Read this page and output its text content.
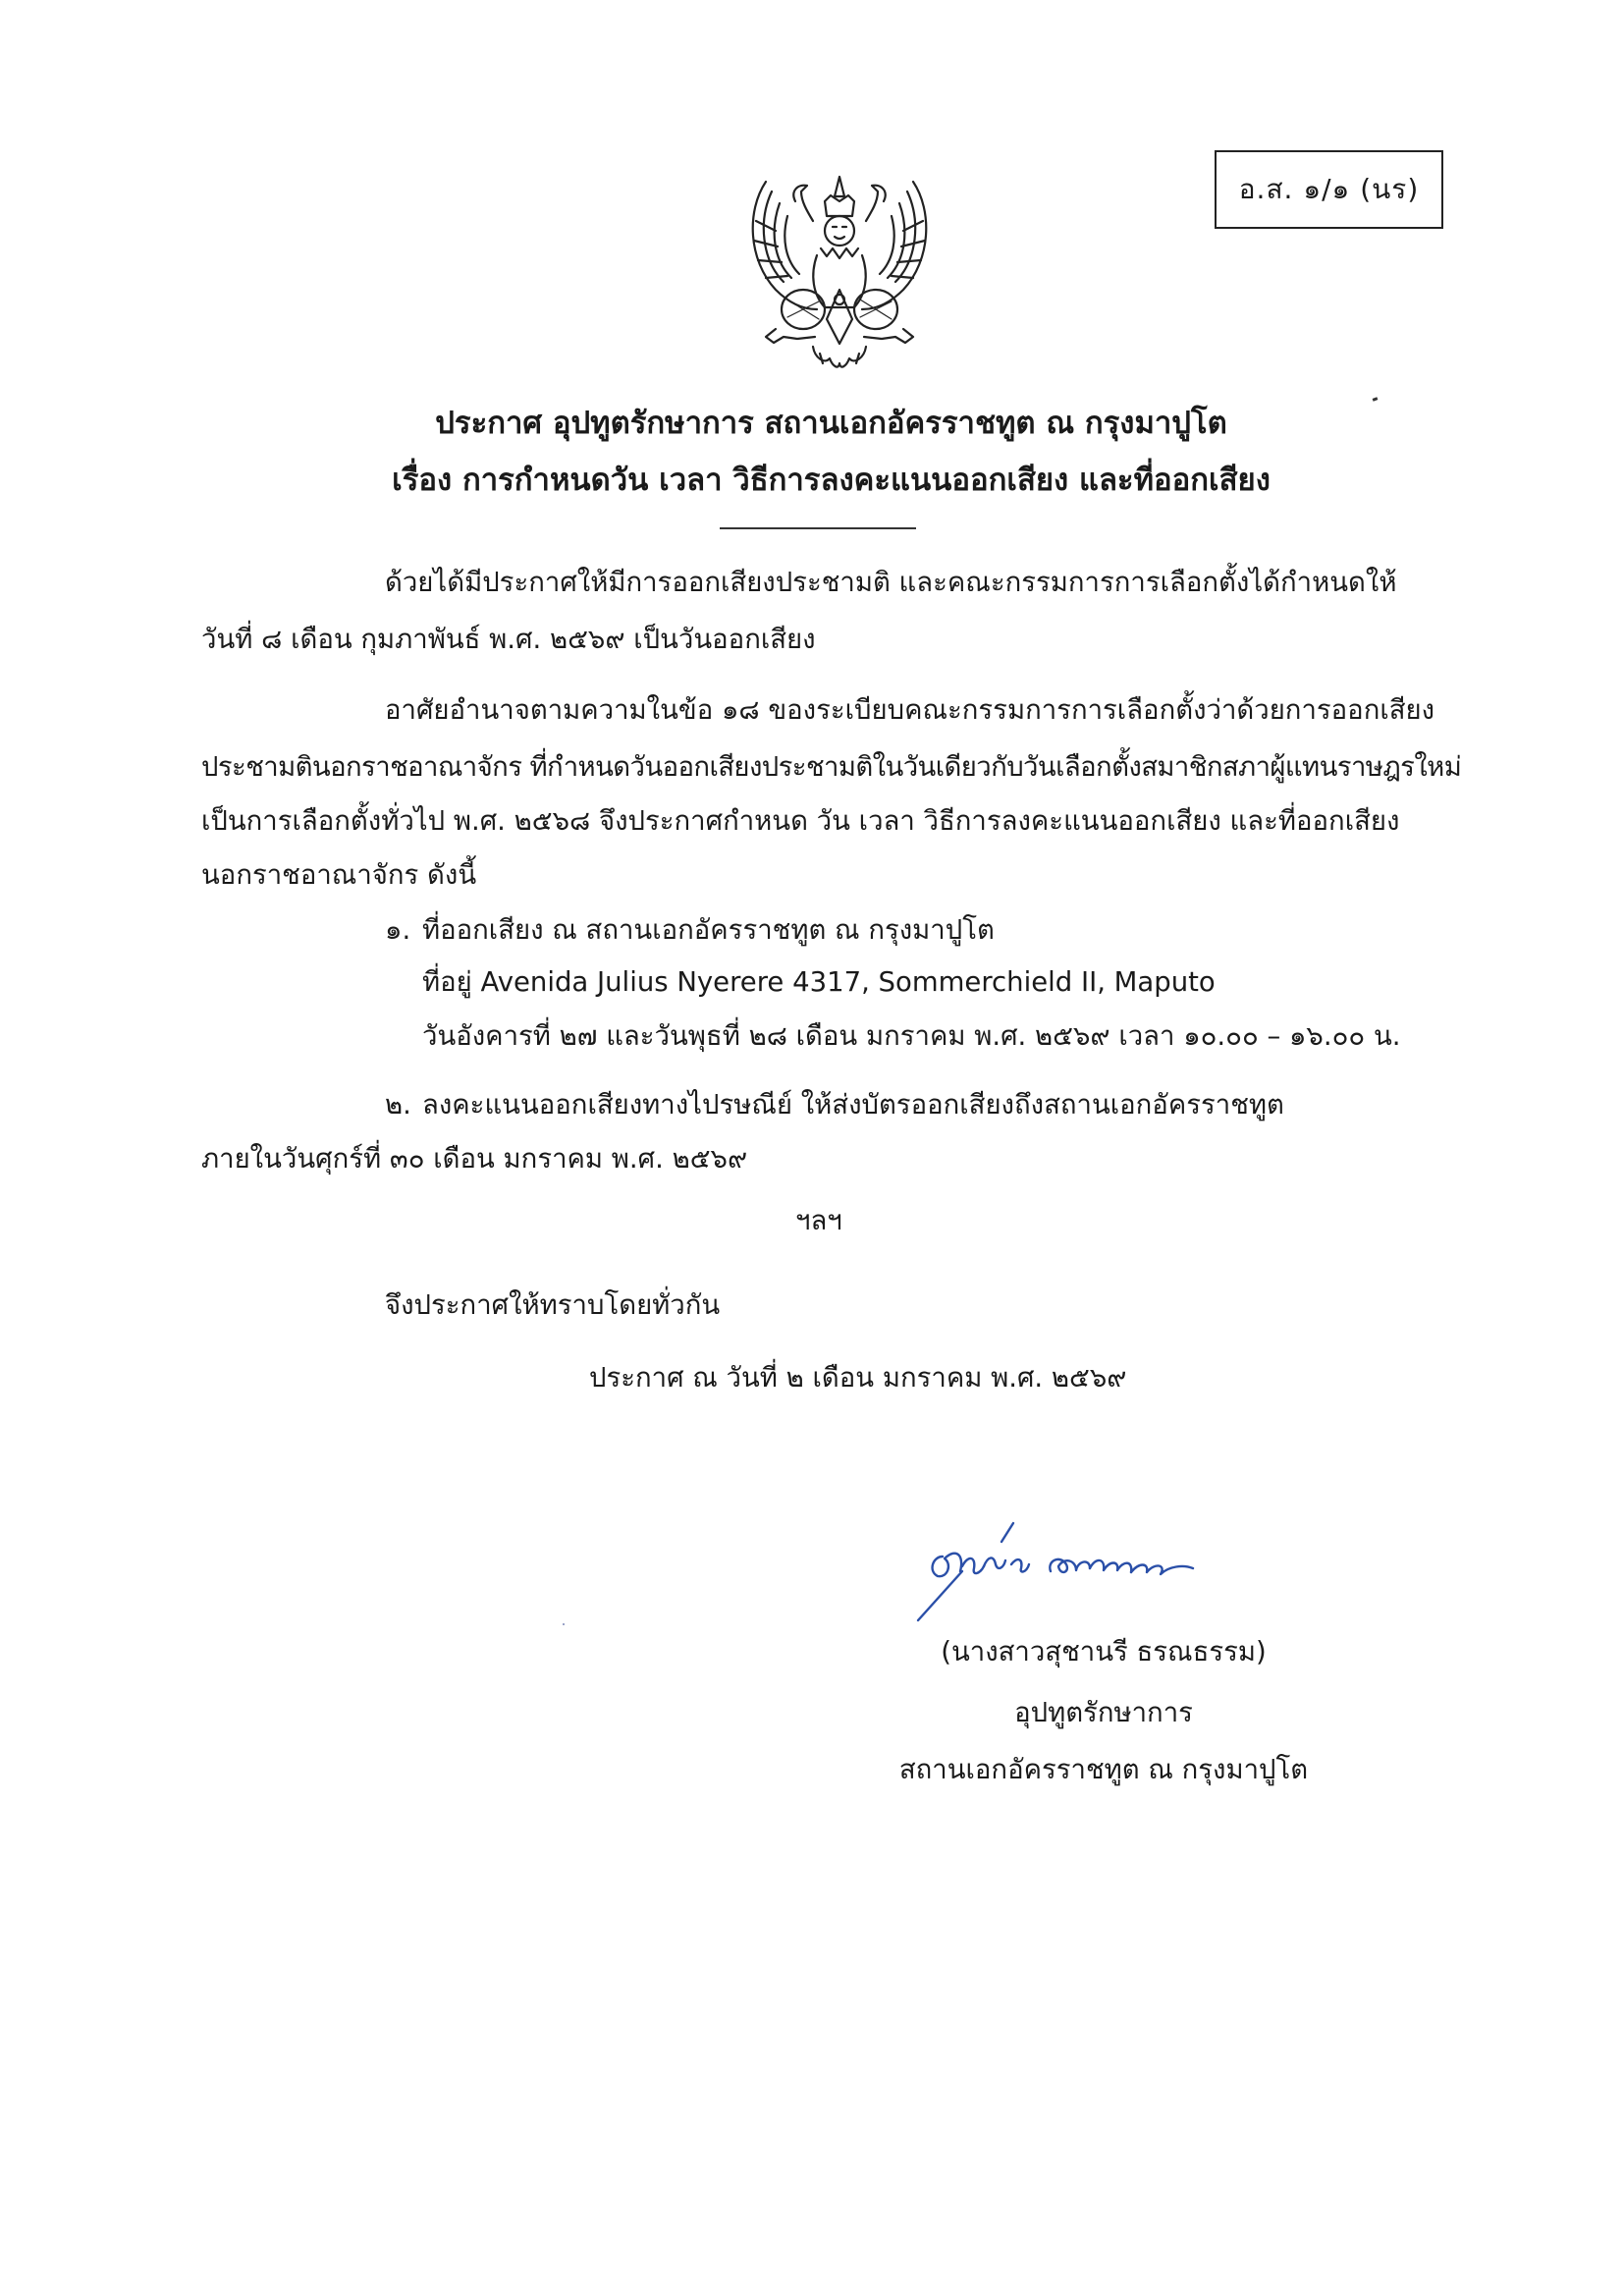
อ.ส. ๑/๑ (นร)
ประกาศ อุปทูตรักษาการ สถานเอกอัครราชทูต ณ กรุงมาปูโต
เรื่อง การกำหนดวัน เวลา วิธีการลงคะแนนออกเสียง และที่ออกเสียง
ด้วยได้มีประกาศให้มีการออกเสียงประชามติ และคณะกรรมการการเลือกตั้งได้กำหนดให้
วันที่ ๘ เดือน กุมภาพันธ์ พ.ศ. ๒๕๖๙ เป็นวันออกเสียง
อาศัยอำนาจตามความในข้อ ๑๘ ของระเบียบคณะกรรมการการเลือกตั้งว่าด้วยการออกเสียง
ประชามตินอกราชอาณาจักร ที่กำหนดวันออกเสียงประชามติในวันเดียวกับวันเลือกตั้งสมาชิกสภาผู้แทนราษฎรใหม่
เป็นการเลือกตั้งทั่วไป พ.ศ. ๒๕๖๘ จึงประกาศกำหนด วัน เวลา วิธีการลงคะแนนออกเสียง และที่ออกเสียง
นอกราชอาณาจักร ดังนี้
๑. ที่ออกเสียง ณ สถานเอกอัครราชทูต ณ กรุงมาปูโต
ที่อยู่ Avenida Julius Nyerere 4317, Sommerchield II, Maputo
วันอังคารที่ ๒๗ และวันพุธที่ ๒๘ เดือน มกราคม พ.ศ. ๒๕๖๙ เวลา ๑๐.๐๐ – ๑๖.๐๐ น.
๒. ลงคะแนนออกเสียงทางไปรษณีย์ ให้ส่งบัตรออกเสียงถึงสถานเอกอัครราชทูต
ภายในวันศุกร์ที่ ๓๐ เดือน มกราคม พ.ศ. ๒๕๖๙
ฯลฯ
จึงประกาศให้ทราบโดยทั่วกัน
ประกาศ ณ วันที่ ๒ เดือน มกราคม พ.ศ. ๒๕๖๙
(นางสาวสุชานรี ธรณธรรม)
อุปทูตรักษาการ
สถานเอกอัครราชทูต ณ กรุงมาปูโต
